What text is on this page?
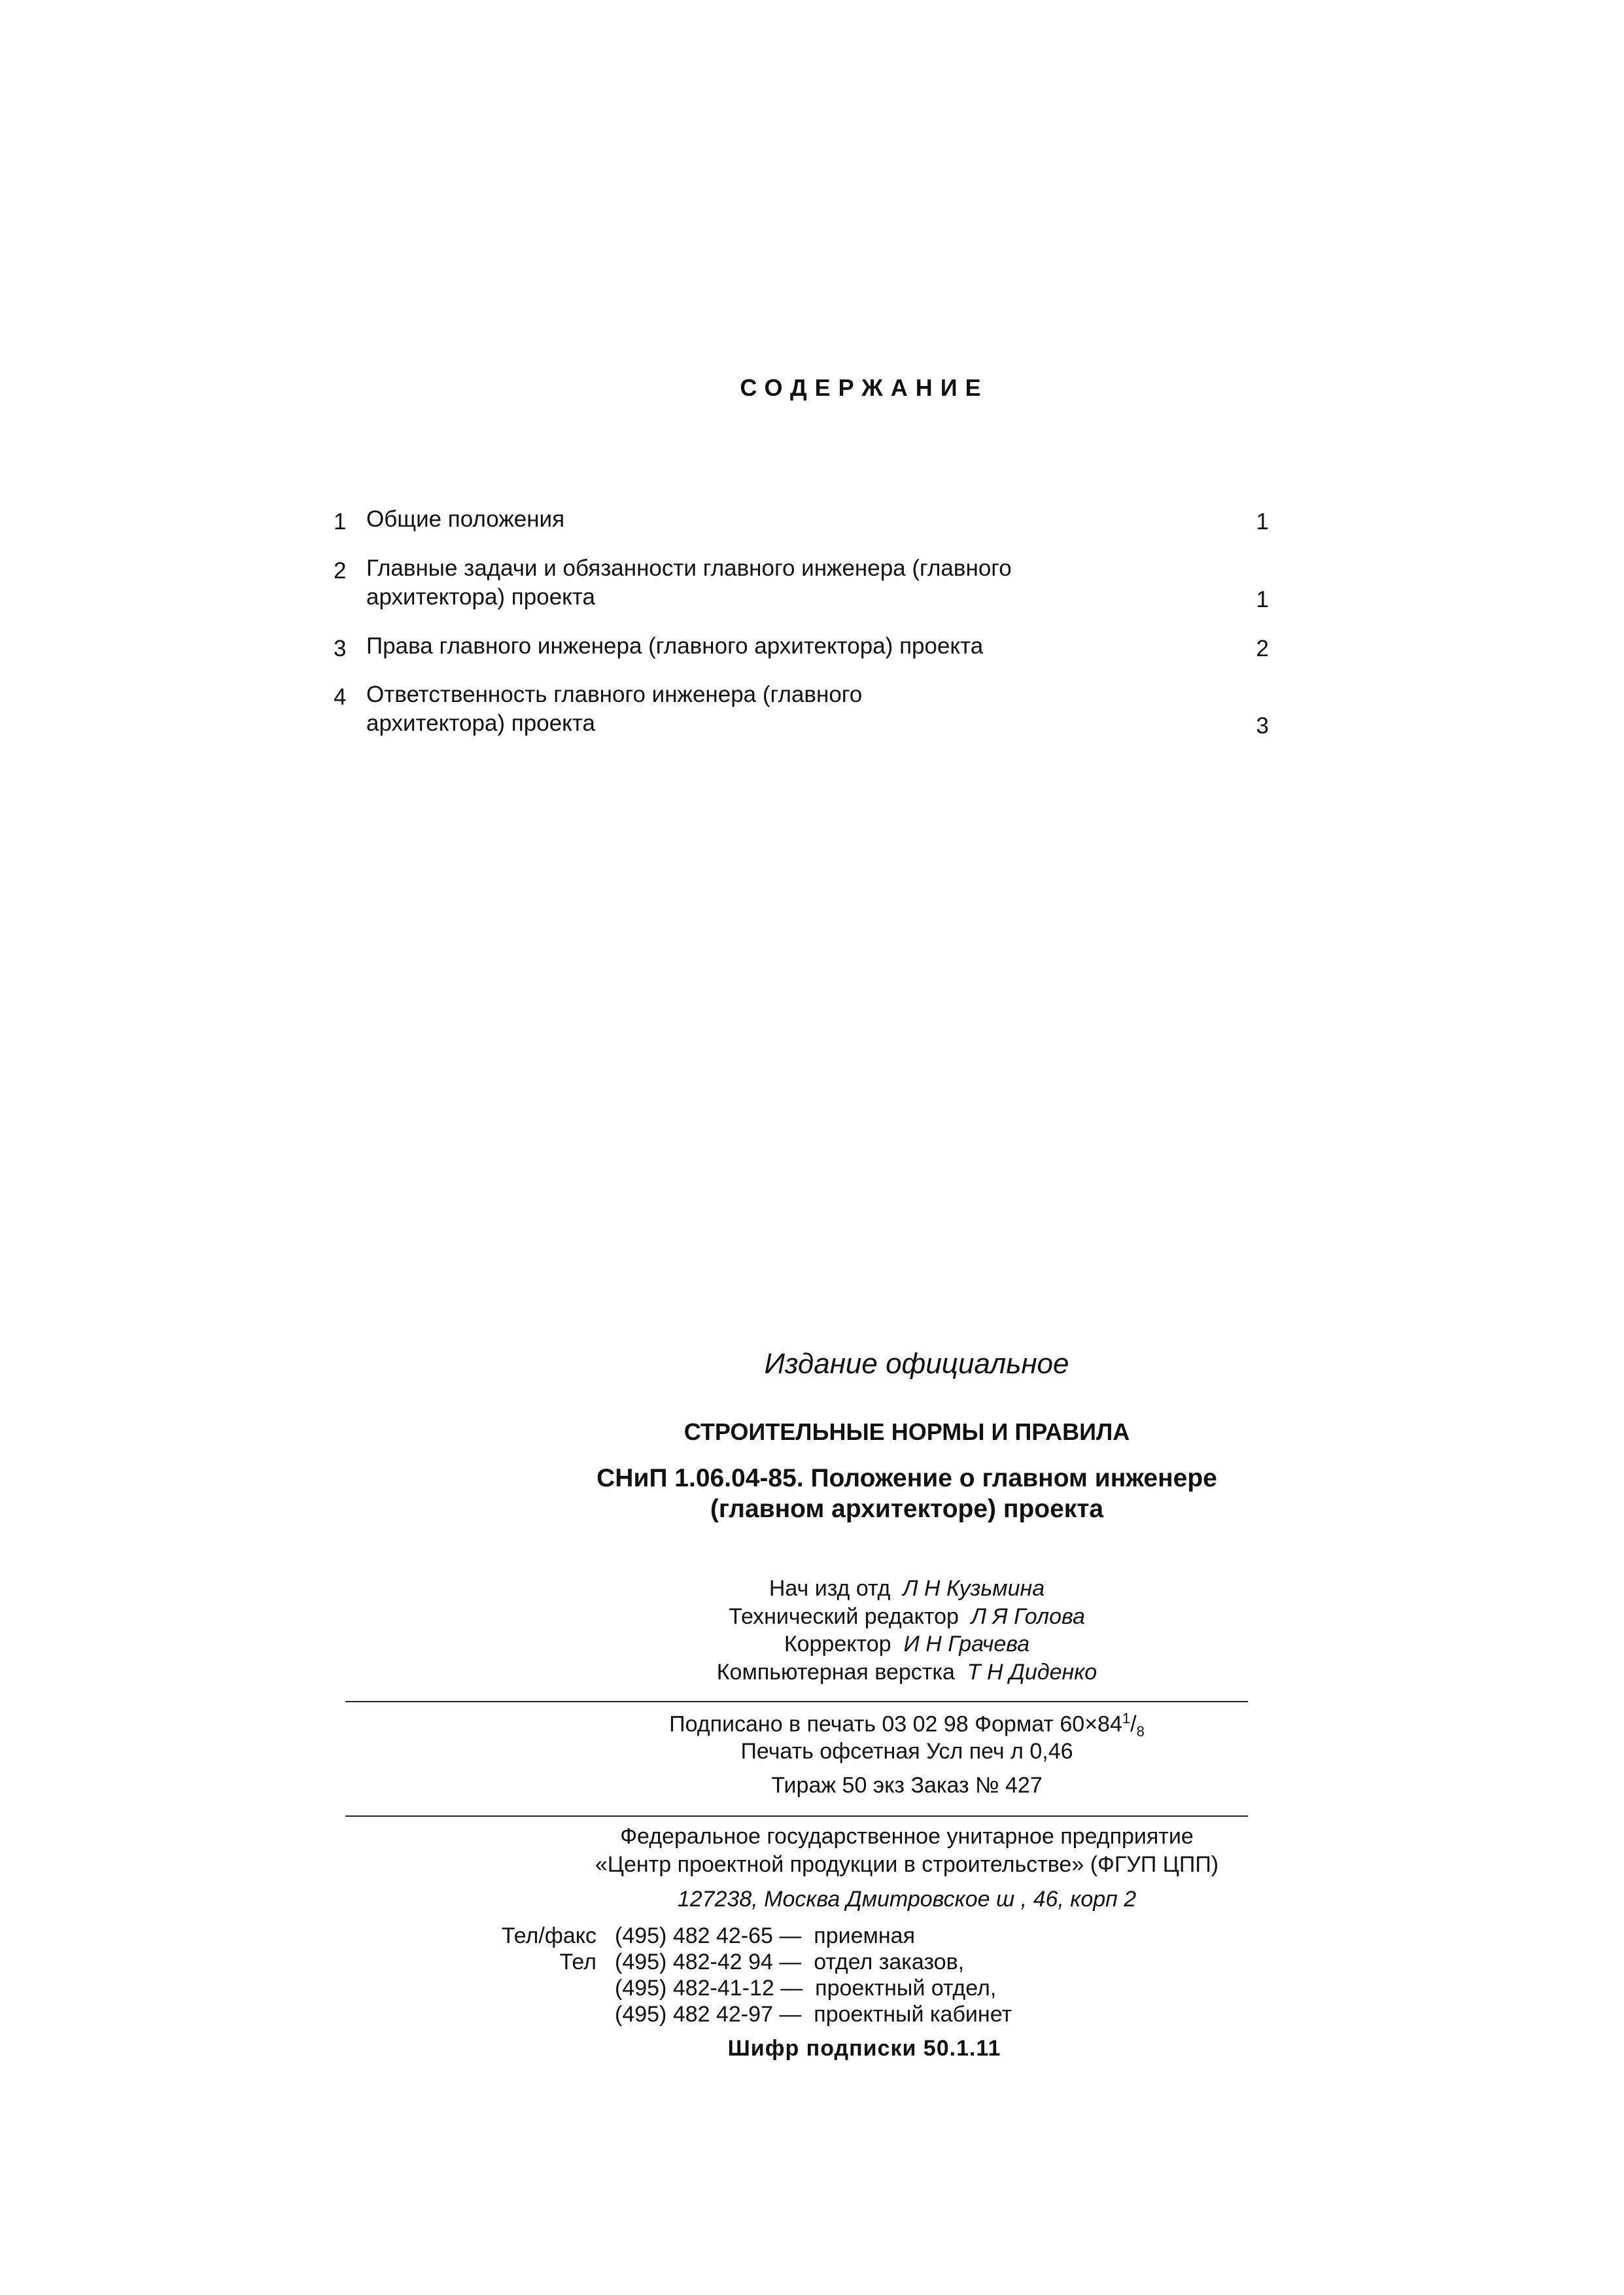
СОДЕРЖАНИЕ
1 Общие положения	1
2 Главные задачи и обязанности главного инженера (главного
архитектора) проекта	1
3 Права главного инженера (главного архитектора) проекта	2
4 Ответственность главного инженера (главного
архитектора) проекта	3
Издание официальное
СТРОИТЕЛЬНЫЕ НОРМЫ И ПРАВИЛА
СНиП 1.06.04-85. Положение о главном инженере
(главном архитекторе) проекта
Нач изд отд Л Н Кузьмина
Технический редактор Л Я Голова
Корректор И Н Грачева
Компьютерная верстка Т Н Диденко
Подписано в печать 03 02 98 Формат $60\times 84^1/_8$
Печать офсетная Усл печ л 0,46
Тираж 50 экз Заказ № 427
Федеральное государственное унитарное предприятие
«Центр проектной продукции в строительстве» (ФГУП ЦПП)
127238, Москва Дмитровское ш , 46, корп 2
Тел/факс (495) 482 42-65 —  приемная
Тел (495) 482-42 94 —  отдел заказов,
(495) 482-41-12 —  проектный отдел,
(495) 482 42-97 —  проектный кабинет
Шифр подписки 50.1.11
